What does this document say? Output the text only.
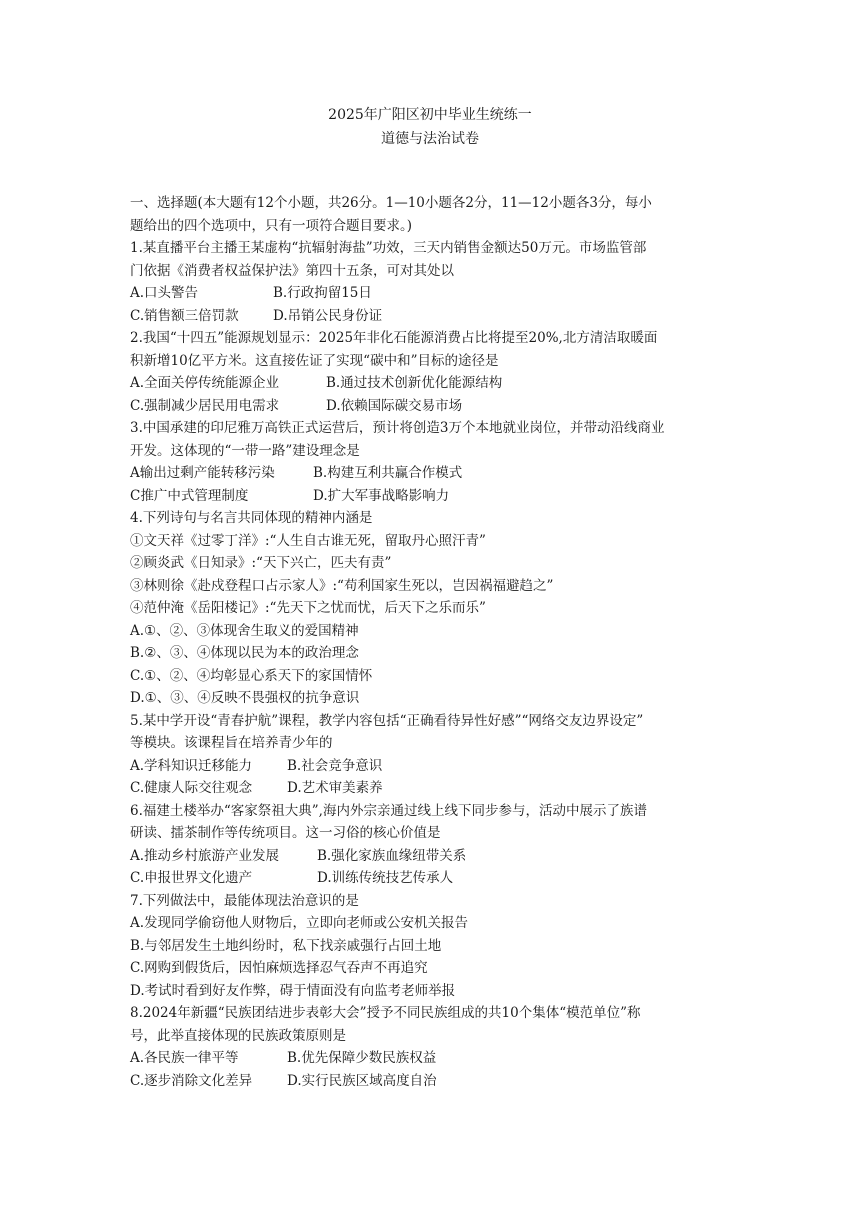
2025年广阳区初中毕业生统练一
道德与法治试卷
一、选择题(本大题有12个小题，共26分。1—10小题各2分，11—12小题各3分，每小
题给出的四个选项中，只有一项符合题目要求。)
1.某直播平台主播王某虚构“抗辐射海盐”功效，三天内销售金额达50万元。市场监管部
门依据《消费者权益保护法》第四十五条，可对其处以
A.口头警告	B.行政拘留15日
C.销售额三倍罚款	D.吊销公民身份证
2.我国“十四五”能源规划显示：2025年非化石能源消费占比将提至20%,北方清洁取暖面
积新增10亿平方米。这直接佐证了实现“碳中和”目标的途径是
A.全面关停传统能源企业	B.通过技术创新优化能源结构
C.强制减少居民用电需求	D.依赖国际碳交易市场
3.中国承建的印尼雅万高铁正式运营后，预计将创造3万个本地就业岗位，并带动沿线商业
开发。这体现的“一带一路”建设理念是
A输出过剩产能转移污染	B.构建互利共赢合作模式
C推广中式管理制度	D.扩大军事战略影响力
4.下列诗句与名言共同体现的精神内涵是
①文天祥《过零丁洋》:“人生自古谁无死，留取丹心照汗青”
②顾炎武《日知录》:“天下兴亡，匹夫有责”
③林则徐《赴戍登程口占示家人》:“苟利国家生死以，岂因祸福避趋之”
④范仲淹《岳阳楼记》:“先天下之忧而忧，后天下之乐而乐”
A.①、②、③体现舍生取义的爱国精神
B.②、③、④体现以民为本的政治理念
C.①、②、④均彰显心系天下的家国情怀
D.①、③、④反映不畏强权的抗争意识
5.某中学开设“青春护航”课程，教学内容包括“正确看待异性好感”“网络交友边界设定”
等模块。该课程旨在培养青少年的
A.学科知识迁移能力	B.社会竞争意识
C.健康人际交往观念	D.艺术审美素养
6.福建土楼举办“客家祭祖大典”,海内外宗亲通过线上线下同步参与，活动中展示了族谱
研读、擂茶制作等传统项目。这一习俗的核心价值是
A.推动乡村旅游产业发展	B.强化家族血缘纽带关系
C.申报世界文化遗产	D.训练传统技艺传承人
7.下列做法中，最能体现法治意识的是
A.发现同学偷窃他人财物后，立即向老师或公安机关报告
B.与邻居发生土地纠纷时，私下找亲戚强行占回土地
C.网购到假货后，因怕麻烦选择忍气吞声不再追究
D.考试时看到好友作弊，碍于情面没有向监考老师举报
8.2024年新疆“民族团结进步表彰大会”授予不同民族组成的共10个集体“模范单位”称
号，此举直接体现的民族政策原则是
A.各民族一律平等	B.优先保障少数民族权益
C.逐步消除文化差异	D.实行民族区域高度自治
